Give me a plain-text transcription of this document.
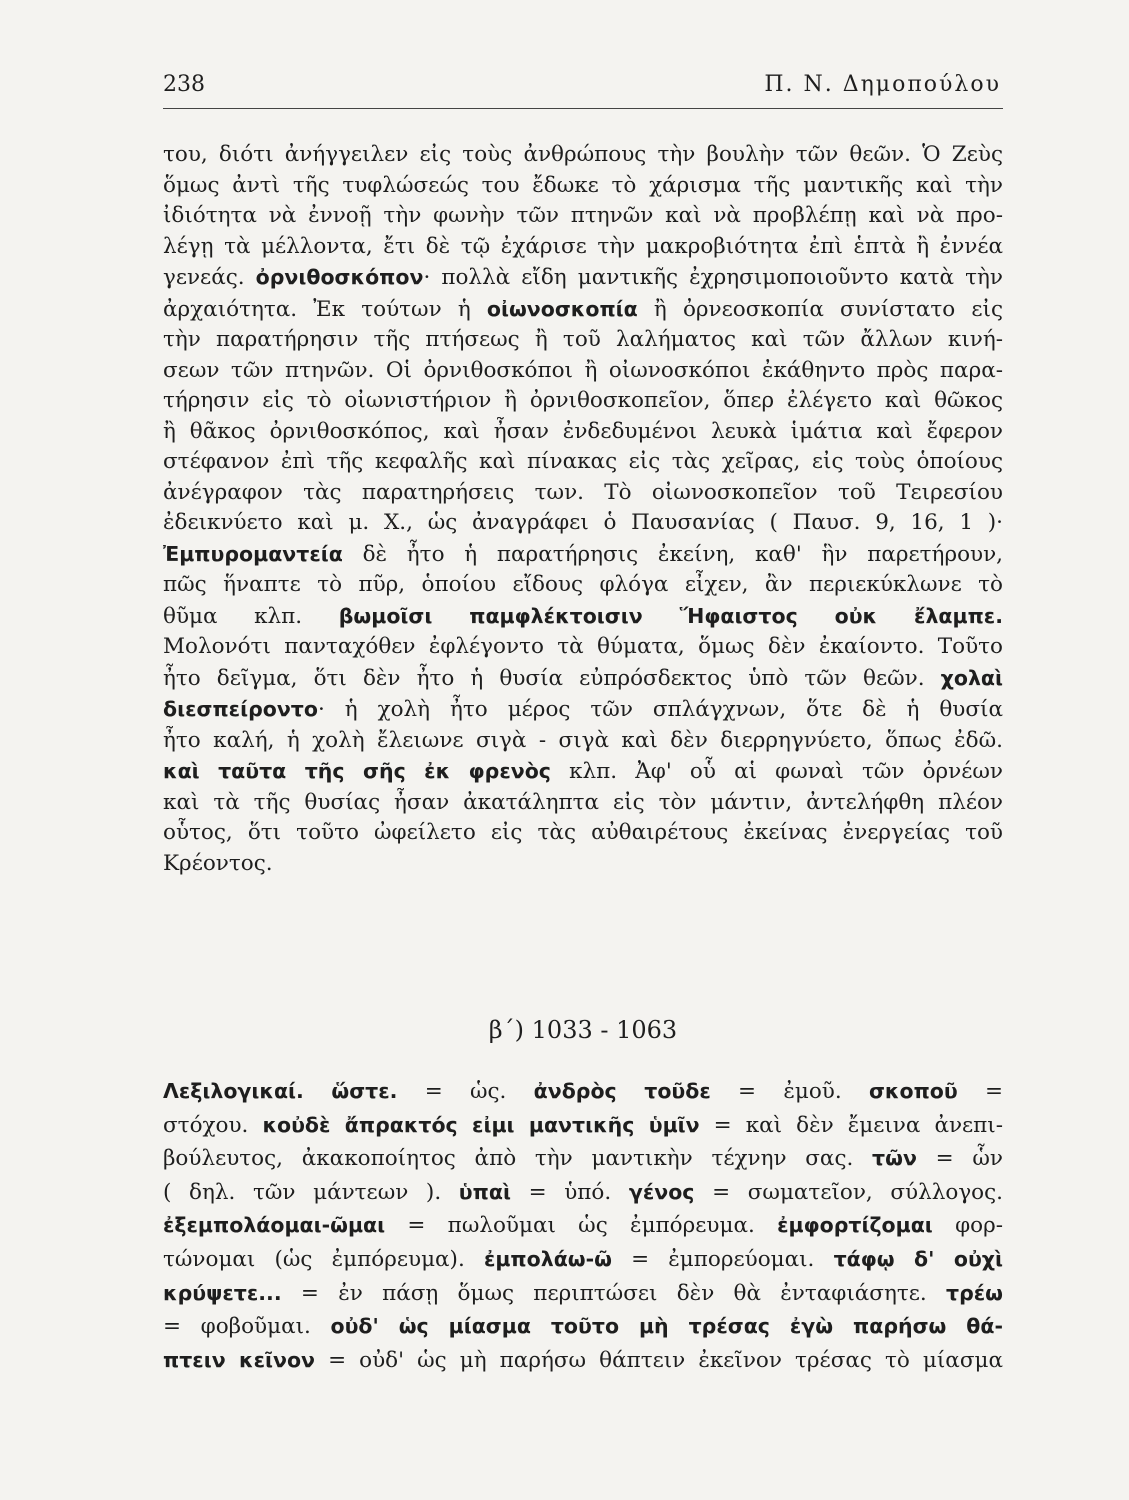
238	Π. Ν. Δημοπούλου
του, διότι ἀνήγγειλεν εἰς τοὺς ἀνθρώπους τὴν βουλὴν τῶν θεῶν. Ὁ Ζεὺς
ὅμως ἀντὶ τῆς τυφλώσεώς του ἔδωκε τὸ χάρισμα τῆς μαντικῆς καὶ τὴν
ἰδιότητα νὰ ἐννοῇ τὴν φωνὴν τῶν πτηνῶν καὶ νὰ προβλέπῃ καὶ νὰ προ-
λέγῃ τὰ μέλλοντα, ἔτι δὲ τῷ ἐχάρισε τὴν μακροβιότητα ἐπὶ ἑπτὰ ἢ ἐννέα
γενεάς. ὀρνιθοσκόπον· πολλὰ εἴδη μαντικῆς ἐχρησιμοποιοῦντο κατὰ τὴν
ἀρχαιότητα. Ἐκ τούτων ἡ οἰωνοσκοπία ἢ ὀρνεοσκοπία συνίστατο εἰς
τὴν παρατήρησιν τῆς πτήσεως ἢ τοῦ λαλήματος καὶ τῶν ἄλλων κινή-
σεων τῶν πτηνῶν. Οἱ ὀρνιθοσκόποι ἢ οἰωνοσκόποι ἐκάθηντο πρὸς παρα-
τήρησιν εἰς τὸ οἰωνιστήριον ἢ ὀρνιθοσκοπεῖον, ὅπερ ἐλέγετο καὶ θῶκος
ἢ θᾶκος ὀρνιθοσκόπος, καὶ ἦσαν ἐνδεδυμένοι λευκὰ ἱμάτια καὶ ἔφερον
στέφανον ἐπὶ τῆς κεφαλῆς καὶ πίνακας εἰς τὰς χεῖρας, εἰς τοὺς ὁποίους
ἀνέγραφον τὰς παρατηρήσεις των. Τὸ οἰωνοσκοπεῖον τοῦ Τειρεσίου
ἐδεικνύετο καὶ μ. Χ., ὡς ἀναγράφει ὁ Παυσανίας ( Παυσ. 9, 16, 1 )·
Ἐμπυρομαντεία δὲ ἦτο ἡ παρατήρησις ἐκείνη, καθ' ἣν παρετήρουν,
πῶς ἥναπτε τὸ πῦρ, ὁποίου εἴδους φλόγα εἶχεν, ἂν περιεκύκλωνε τὸ
θῦμα κλπ. βωμοῖσι παμφλέκτοισιν Ἥφαιστος οὐκ ἔλαμπε.
Μολονότι πανταχόθεν ἐφλέγοντο τὰ θύματα, ὅμως δὲν ἐκαίοντο. Τοῦτο
ἦτο δεῖγμα, ὅτι δὲν ἦτο ἡ θυσία εὐπρόσδεκτος ὑπὸ τῶν θεῶν. χολαὶ
διεσπείροντο· ἡ χολὴ ἦτο μέρος τῶν σπλάγχνων, ὅτε δὲ ἡ θυσία
ἦτο καλή, ἡ χολὴ ἔλειωνε σιγὰ - σιγὰ καὶ δὲν διερρηγνύετο, ὅπως ἐδῶ.
καὶ ταῦτα τῆς σῆς ἐκ φρενὸς κλπ. Ἀφ' οὗ αἱ φωναὶ τῶν ὀρνέων
καὶ τὰ τῆς θυσίας ἦσαν ἀκατάληπτα εἰς τὸν μάντιν, ἀντελήφθη πλέον
οὗτος, ὅτι τοῦτο ὠφείλετο εἰς τὰς αὐθαιρέτους ἐκείνας ἐνεργείας τοῦ
Κρέοντος.
β΄) 1033 - 1063
Λεξιλογικαί. ὥστε. = ὡς. ἀνδρὸς τοῦδε = ἐμοῦ. σκοποῦ =
στόχου. κοὐδὲ ἄπρακτός εἰμι μαντικῆς ὑμῖν = καὶ δὲν ἔμεινα ἀνεπι-
βούλευτος, ἀκακοποίητος ἀπὸ τὴν μαντικὴν τέχνην σας. τῶν = ὧν
( δηλ. τῶν μάντεων ). ὑπαὶ = ὑπό. γένος = σωματεῖον, σύλλογος.
ἐξεμπολάομαι-ῶμαι = πωλοῦμαι ὡς ἐμπόρευμα. ἐμφορτίζομαι φορ-
τώνομαι (ὡς ἐμπόρευμα). ἐμπολάω-ῶ = ἐμπορεύομαι. τάφῳ δ' οὐχὶ
κρύψετε... = ἐν πάσῃ ὅμως περιπτώσει δὲν θὰ ἐνταφιάσητε. τρέω
= φοβοῦμαι. οὐδ' ὡς μίασμα τοῦτο μὴ τρέσας ἐγὼ παρήσω θά-
πτειν κεῖνον = οὐδ' ὡς μὴ παρήσω θάπτειν ἐκεῖνον τρέσας τὸ μίασμα
